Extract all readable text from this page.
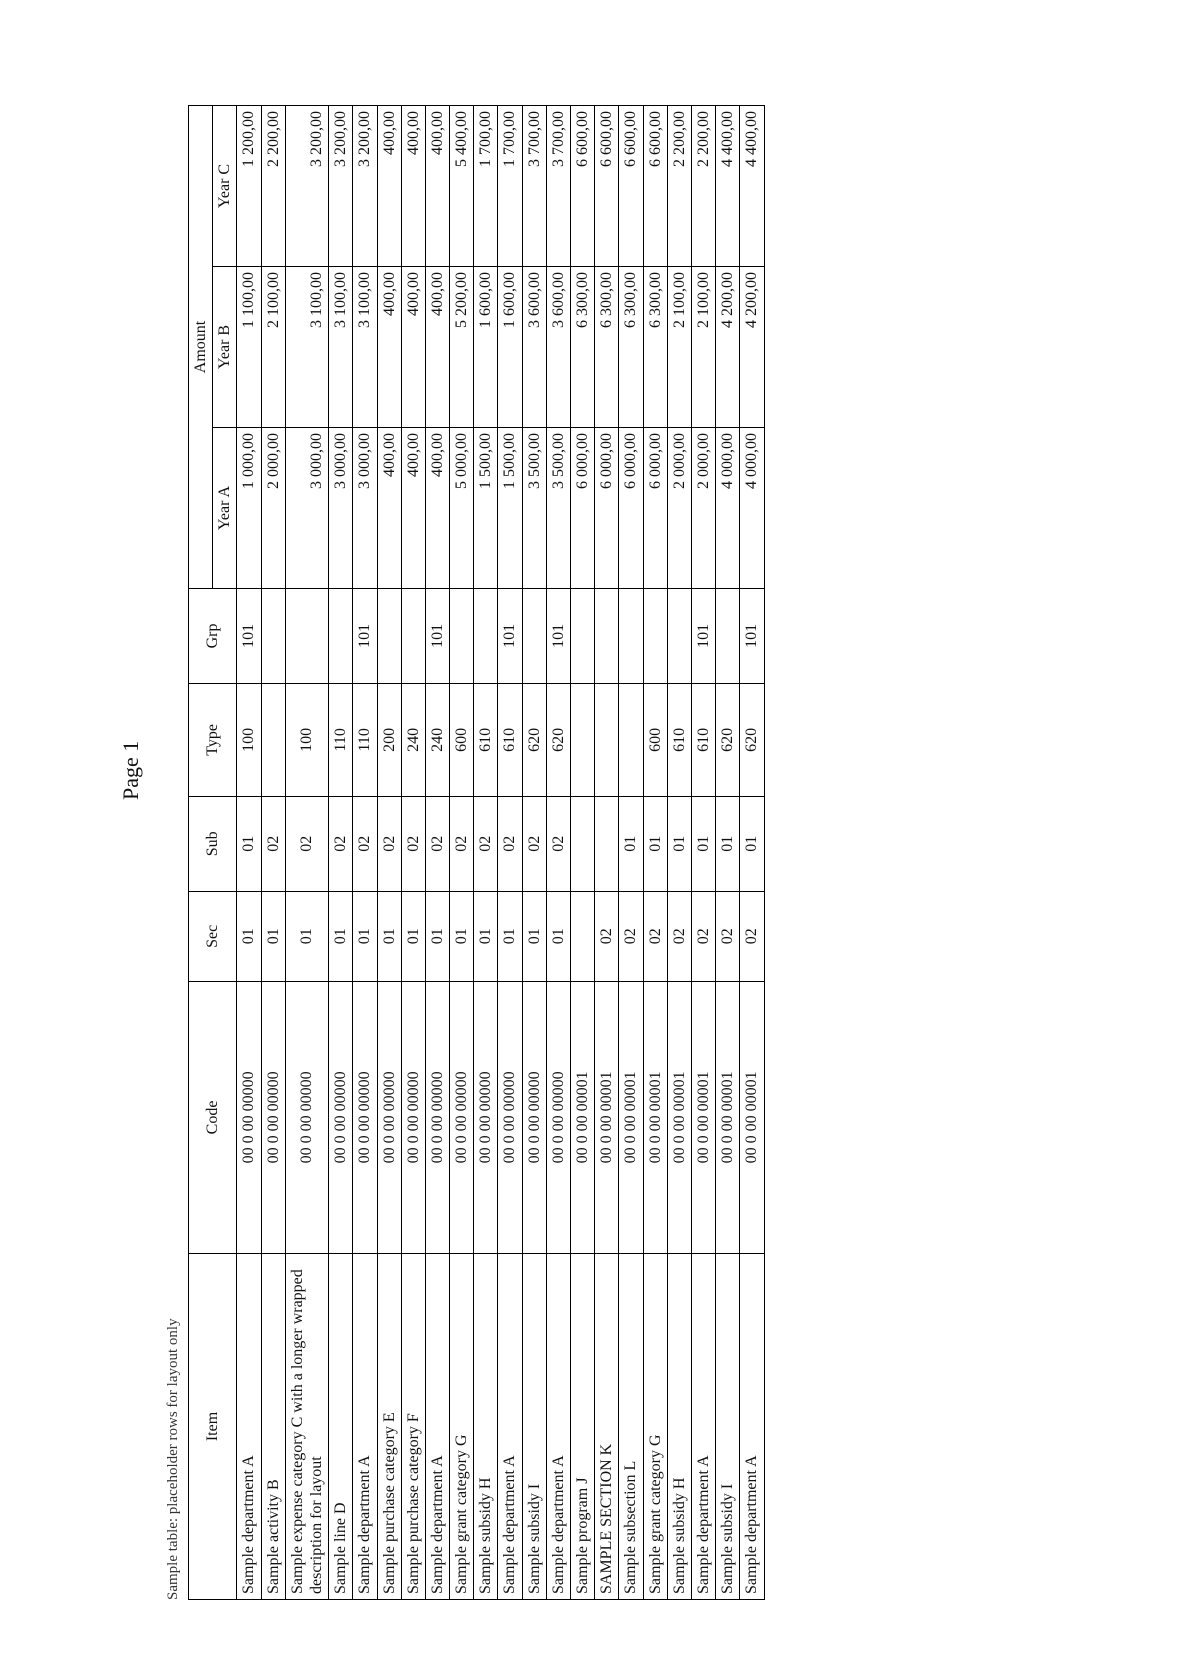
Page 1
Sample table: placeholder rows for layout only Item	Code	Sec	Sub	Type	Grp	Amount		
						Year A	Year B	Year C
Sample department A	00 0 00 00000	01	01	100	101	1 000,00	1 100,00	1 200,00
Sample activity B	00 0 00 00000	01	02			2 000,00	2 100,00	2 200,00
Sample expense category C with a longer wrapped description for layout	00 0 00 00000	01	02	100		3 000,00	3 100,00	3 200,00
Sample line D	00 0 00 00000	01	02	110		3 000,00	3 100,00	3 200,00
Sample department A	00 0 00 00000	01	02	110	101	3 000,00	3 100,00	3 200,00
Sample purchase category E	00 0 00 00000	01	02	200		400,00	400,00	400,00
Sample purchase category F	00 0 00 00000	01	02	240		400,00	400,00	400,00
Sample department A	00 0 00 00000	01	02	240	101	400,00	400,00	400,00
Sample grant category G	00 0 00 00000	01	02	600		5 000,00	5 200,00	5 400,00
Sample subsidy H	00 0 00 00000	01	02	610		1 500,00	1 600,00	1 700,00
Sample department A	00 0 00 00000	01	02	610	101	1 500,00	1 600,00	1 700,00
Sample subsidy I	00 0 00 00000	01	02	620		3 500,00	3 600,00	3 700,00
Sample department A	00 0 00 00000	01	02	620	101	3 500,00	3 600,00	3 700,00
Sample program J	00 0 00 00001					6 000,00	6 300,00	6 600,00
SAMPLE SECTION K	00 0 00 00001	02				6 000,00	6 300,00	6 600,00
Sample subsection L	00 0 00 00001	02	01			6 000,00	6 300,00	6 600,00
Sample grant category G	00 0 00 00001	02	01	600		6 000,00	6 300,00	6 600,00
Sample subsidy H	00 0 00 00001	02	01	610		2 000,00	2 100,00	2 200,00
Sample department A	00 0 00 00001	02	01	610	101	2 000,00	2 100,00	2 200,00
Sample subsidy I	00 0 00 00001	02	01	620		4 000,00	4 200,00	4 400,00
Sample department A	00 0 00 00001	02	01	620	101	4 000,00	4 200,00	4 400,00
